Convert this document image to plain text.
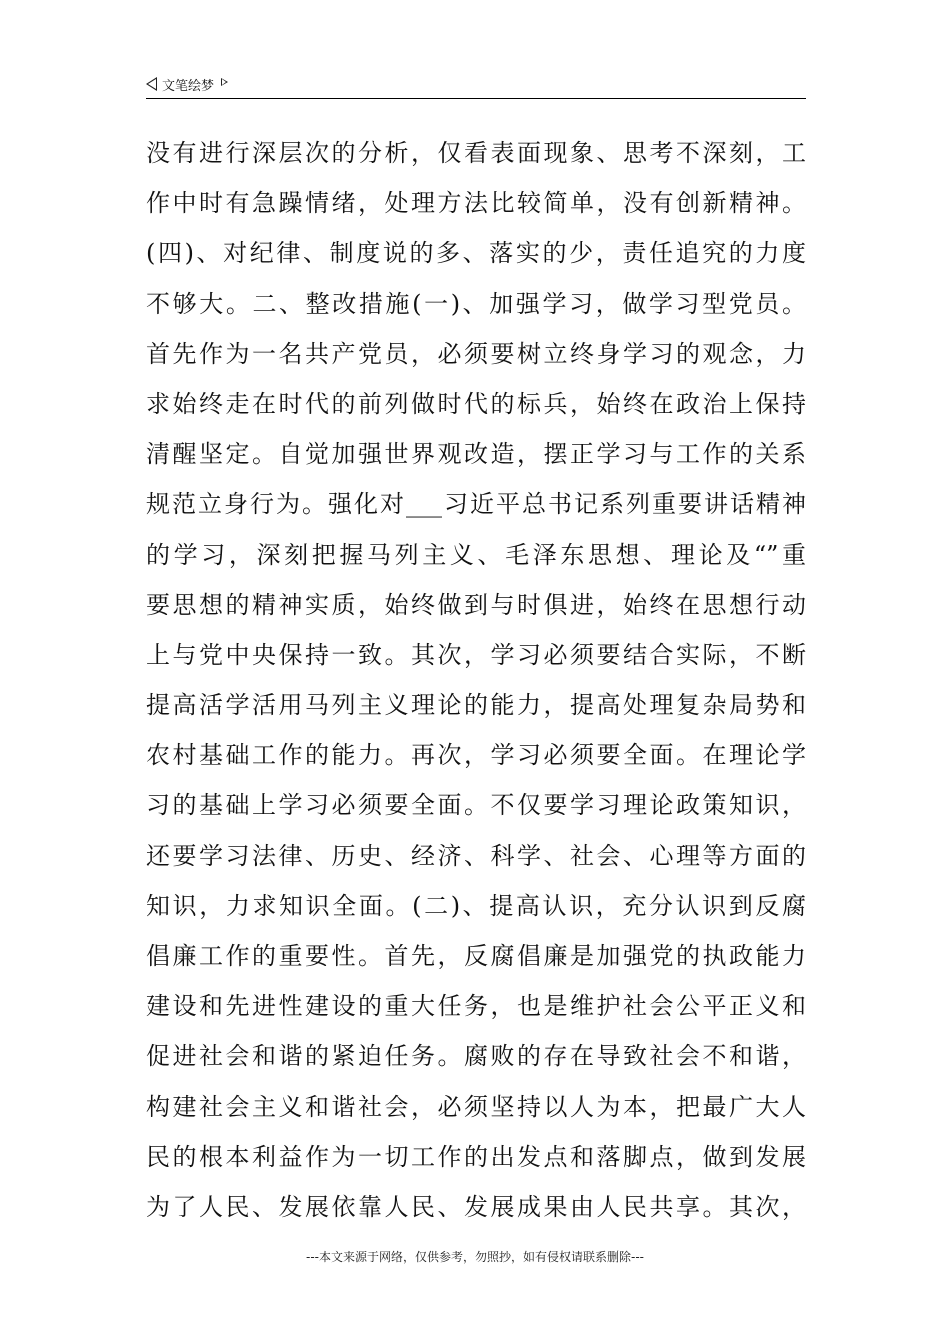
文笔绘梦
没有进行深层次的分析，仅看表面现象、思考不深刻，工
作中时有急躁情绪，处理方法比较简单，没有创新精神。
(四)、对纪律、制度说的多、落实的少，责任追究的力度
不够大。二、整改措施(一)、加强学习，做学习型党员。
首先作为一名共产党员，必须要树立终身学习的观念，力
求始终走在时代的前列做时代的标兵，始终在政治上保持
清醒坚定。自觉加强世界观改造，摆正学习与工作的关系
规范立身行为。强化对___习近平总书记系列重要讲话精神
的学习，深刻把握马列主义、毛泽东思想、理论及“”重
要思想的精神实质，始终做到与时俱进，始终在思想行动
上与党中央保持一致。其次，学习必须要结合实际，不断
提高活学活用马列主义理论的能力，提高处理复杂局势和
农村基础工作的能力。再次，学习必须要全面。在理论学
习的基础上学习必须要全面。不仅要学习理论政策知识，
还要学习法律、历史、经济、科学、社会、心理等方面的
知识，力求知识全面。(二)、提高认识，充分认识到反腐
倡廉工作的重要性。首先，反腐倡廉是加强党的执政能力
建设和先进性建设的重大任务，也是维护社会公平正义和
促进社会和谐的紧迫任务。腐败的存在导致社会不和谐，
构建社会主义和谐社会，必须坚持以人为本，把最广大人
民的根本利益作为一切工作的出发点和落脚点，做到发展
为了人民、发展依靠人民、发展成果由人民共享。其次，
---本文来源于网络，仅供参考，勿照抄，如有侵权请联系删除---
